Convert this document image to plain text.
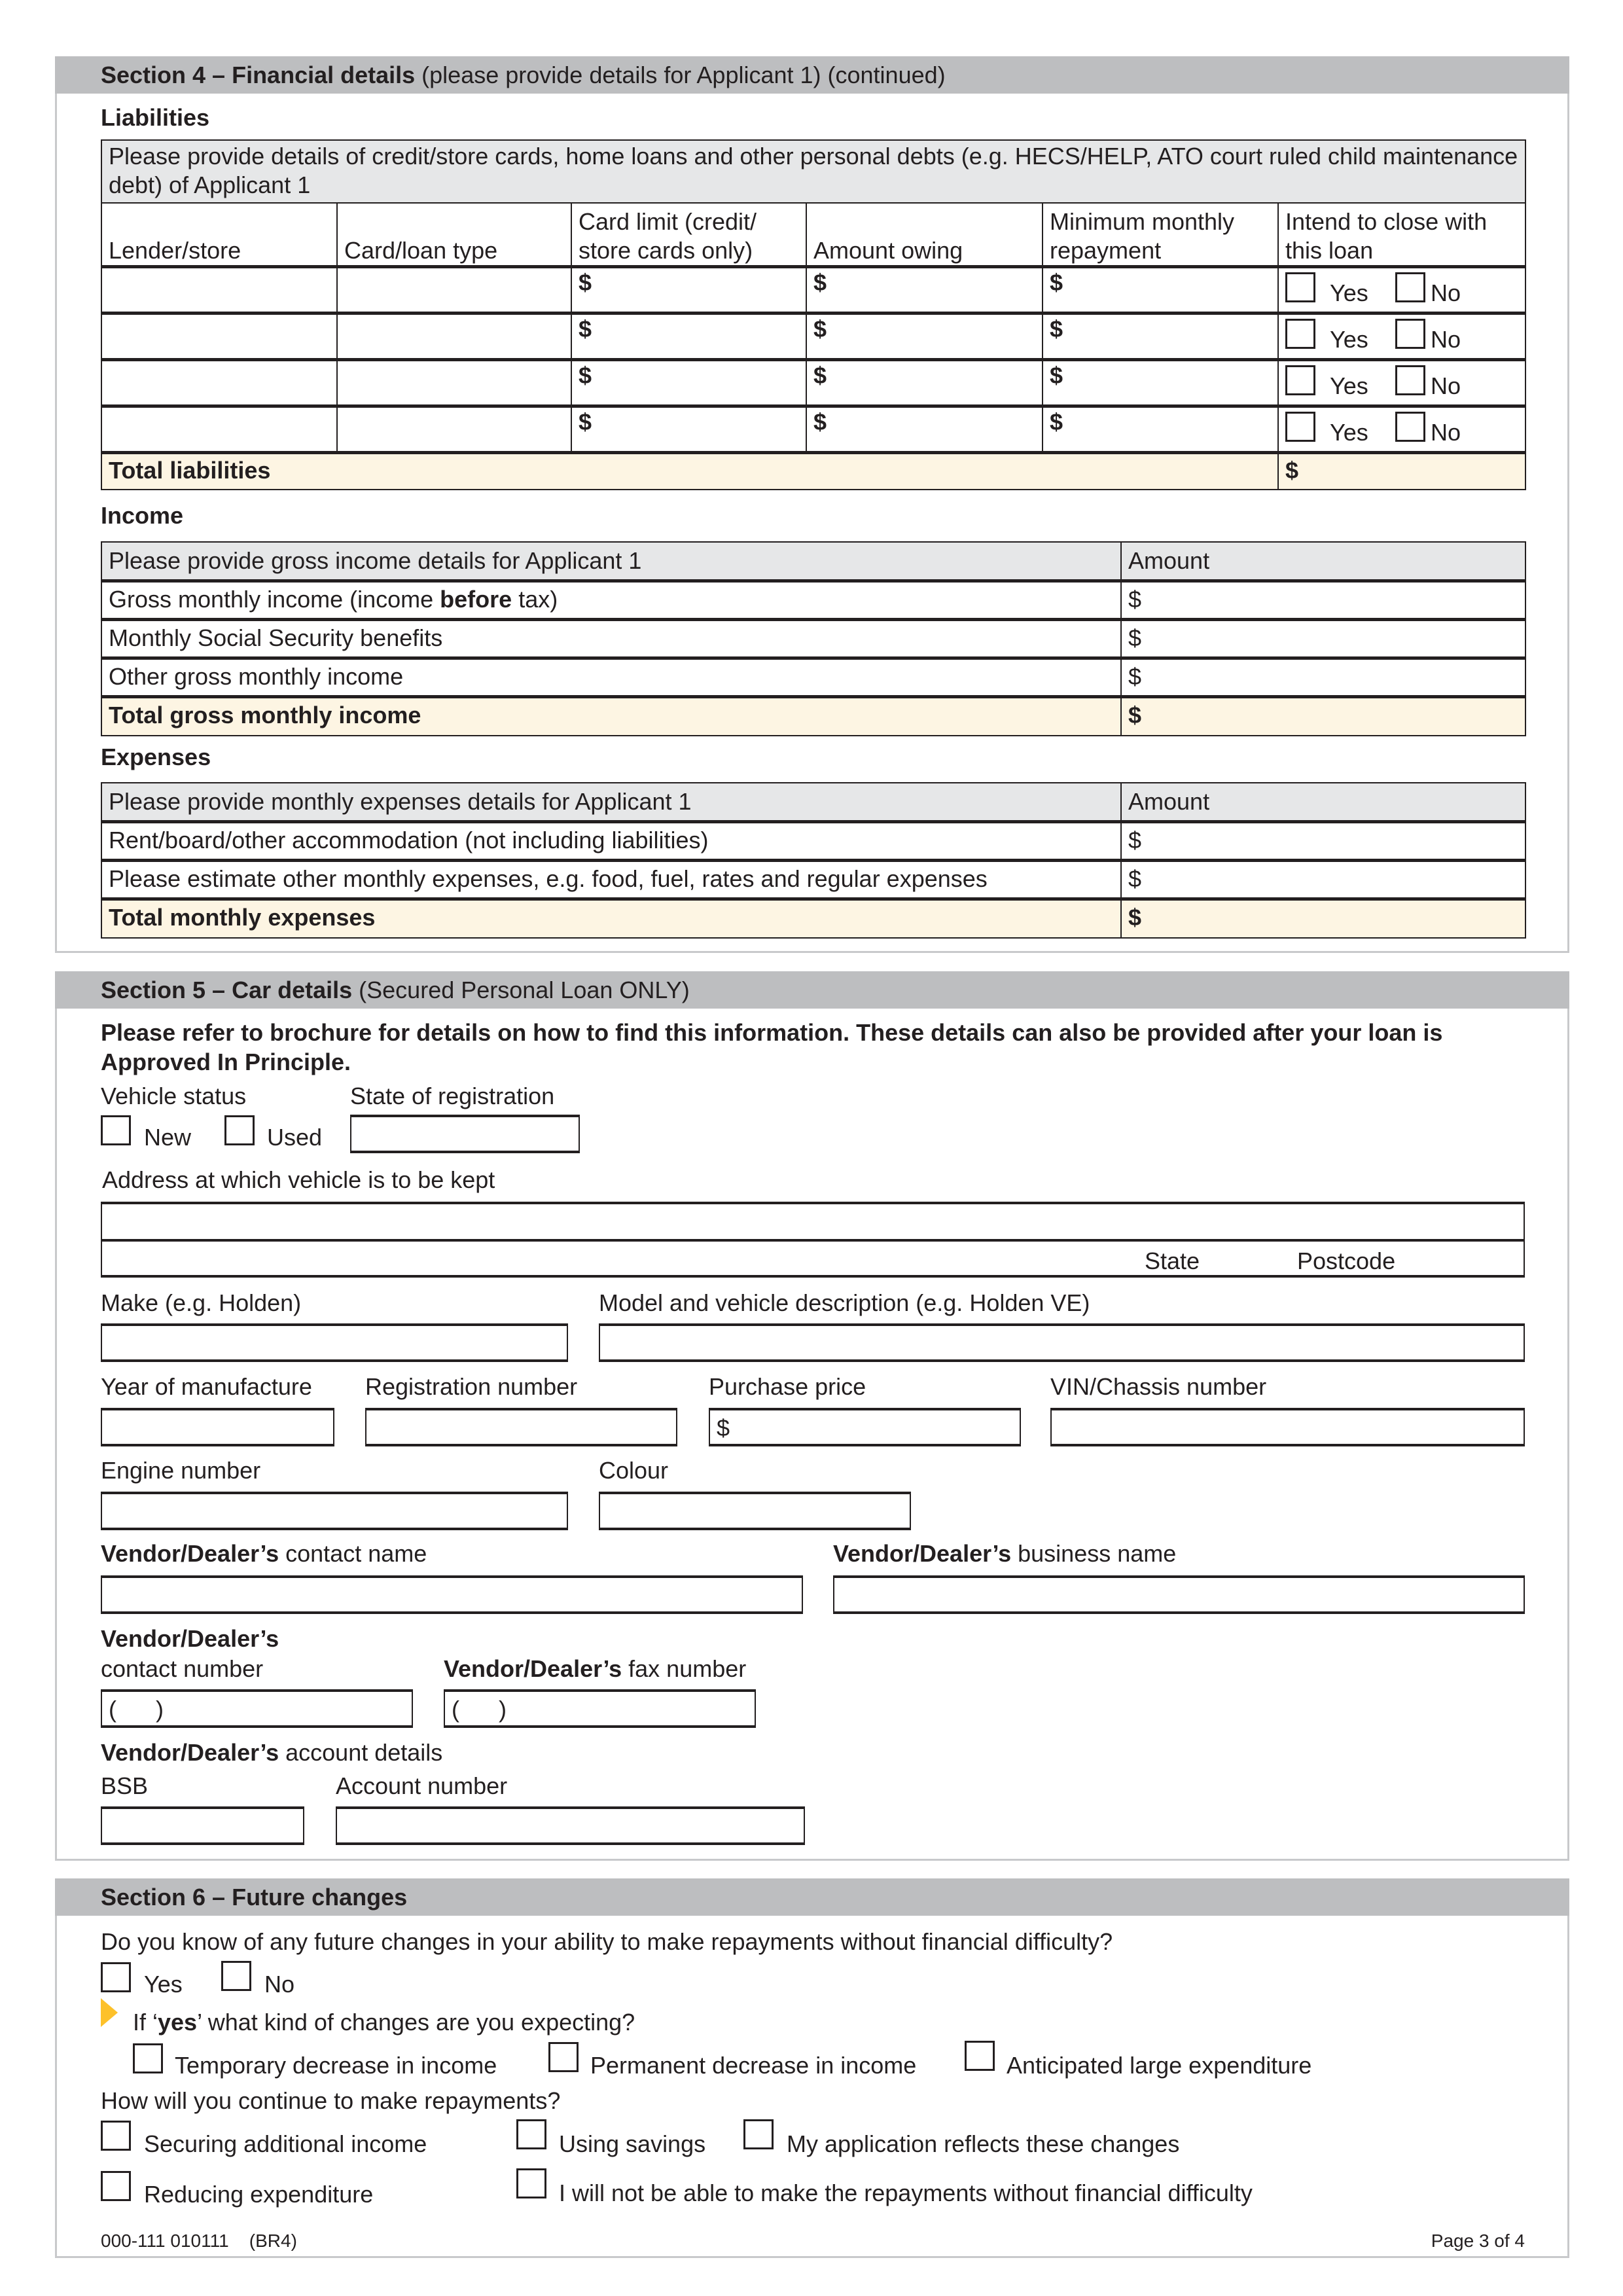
Section 4 – Financial details (please provide details for Applicant 1) (continued)
Liabilities
Please provide details of credit/store cards, home loans and other personal debts (e.g. HECS/HELP, ATO court ruled child maintenance debt) of Applicant 1					
Lender/store	Card/loan type	Card limit (credit/ store cards only)	Amount owing	Minimum monthly repayment	Intend to close with this loan
		$	$	$	Yes No

		$	$	$	Yes No

		$	$	$	Yes No

		$	$	$	Yes No

Total liabilities					$
Income
Please provide gross income details for Applicant 1	Amount
Gross monthly income (income before tax)	$
Monthly Social Security benefits	$
Other gross monthly income	$
Total gross monthly income	$
Expenses
Please provide monthly expenses details for Applicant 1	Amount
Rent/board/other accommodation (not including liabilities)	$
Please estimate other monthly expenses, e.g. food, fuel, rates and regular expenses	$
Total monthly expenses	$
Section 5 – Car details (Secured Personal Loan ONLY)
Please refer to brochure for details on how to find this information. These details can also be provided after your loan is
Approved In Principle.
Vehicle status	State of registration
New	Used
Address at which vehicle is to be kept
State	Postcode
Make (e.g. Holden)	Model and vehicle description (e.g. Holden VE)
Year of manufacture Registration number	Purchase price	VIN/Chassis number
$
Engine number	Colour
Vendor/Dealer’s contact name	Vendor/Dealer’s business name
Vendor/Dealer’s
contact number	Vendor/Dealer’s fax number
(      )	(      )
Vendor/Dealer’s account details
BSB	Account number
Section 6 – Future changes
Do you know of any future changes in your ability to make repayments without financial difficulty?
Yes	No
If ‘yes’ what kind of changes are you expecting?
Temporary decrease in income	Permanent decrease in income	Anticipated large expenditure
How will you continue to make repayments?
Securing additional income	Using savings	My application reflects these changes
Reducing expenditure	I will not be able to make the repayments without financial difficulty
000-111 010111    (BR4)	Page 3 of 4
